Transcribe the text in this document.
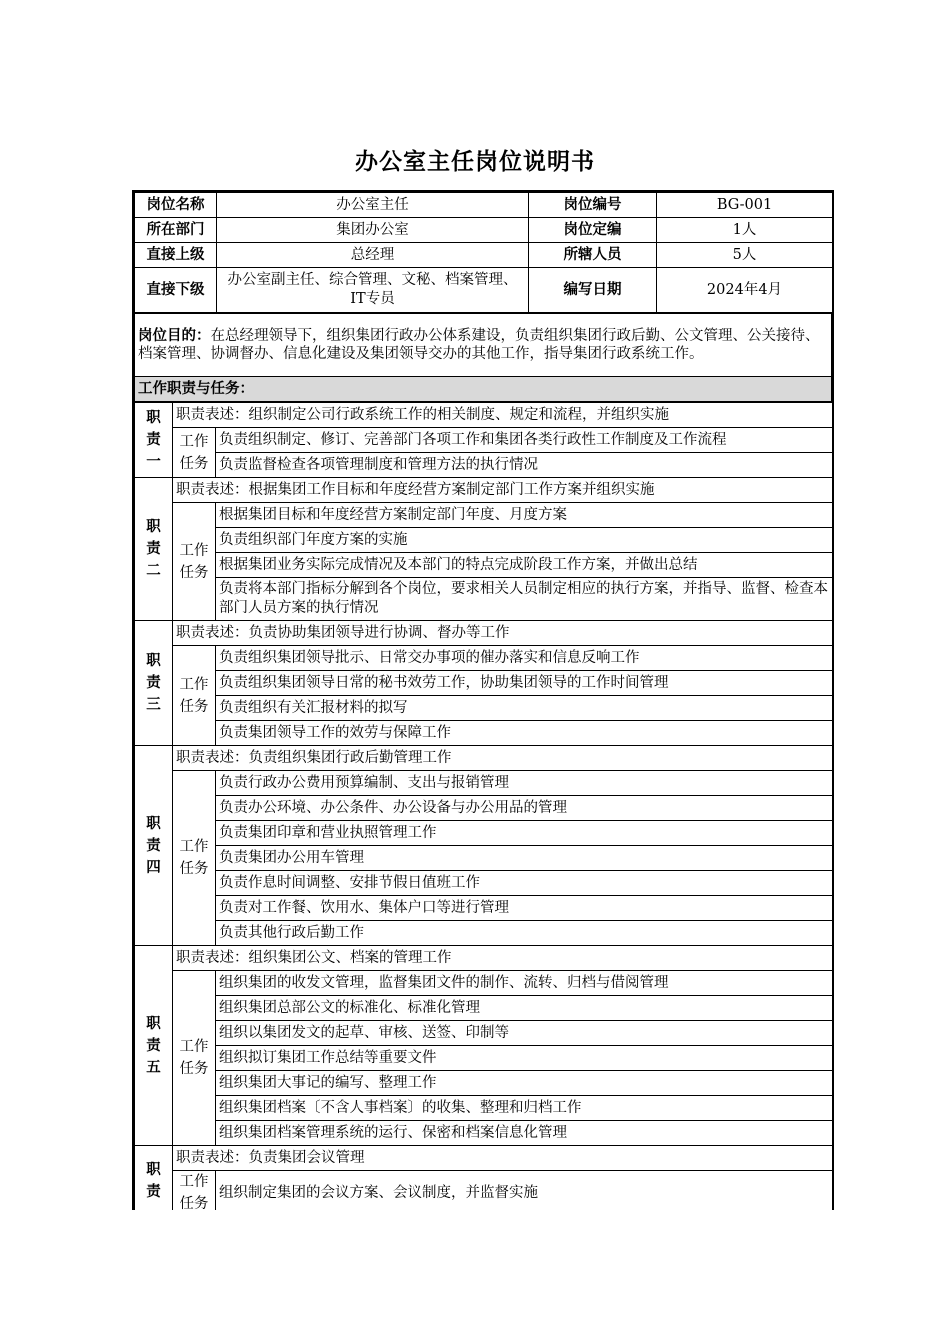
办公室主任岗位说明书
岗位名称	办公室主任	岗位编号	BG-001
所在部门	集团办公室	岗位定编	1人
直接上级	总经理	所辖人员	5人
直接下级	办公室副主任、综合管理、文秘、档案管理、IT专员	编写日期	2024年4月
岗位目的：在总经理领导下，组织集团行政办公体系建设，负责组织集团行政后勤、公文管理、公关接待、档案管理、协调督办、信息化建设及集团领导交办的其他工作，指导集团行政系统工作。
工作职责与任务：
职责一	职责表述：组织制定公司行政系统工作的相关制度、规定和流程，并组织实施	

	工作任务	负责组织制定、修订、完善部门各项工作和集团各类行政性工作制度及工作流程
		负责监督检查各项管理制度和管理方法的执行情况

职责二	职责表述：根据集团工作目标和年度经营方案制定部门工作方案并组织实施	

	工作任务	根据集团目标和年度经营方案制定部门年度、月度方案
		负责组织部门年度方案的实施
		根据集团业务实际完成情况及本部门的特点完成阶段工作方案，并做出总结
		负责将本部门指标分解到各个岗位，要求相关人员制定相应的执行方案，并指导、监督、检查本部门人员方案的执行情况

职责三	职责表述：负责协助集团领导进行协调、督办等工作	

	工作任务	负责组织集团领导批示、日常交办事项的催办落实和信息反响工作
		负责组织集团领导日常的秘书效劳工作，协助集团领导的工作时间管理
		负责组织有关汇报材料的拟写
		负责集团领导工作的效劳与保障工作

职责四	职责表述：负责组织集团行政后勤管理工作	

	工作任务	负责行政办公费用预算编制、支出与报销管理
		负责办公环境、办公条件、办公设备与办公用品的管理
		负责集团印章和营业执照管理工作
		负责集团办公用车管理
		负责作息时间调整、安排节假日值班工作
		负责对工作餐、饮用水、集体户口等进行管理
		负责其他行政后勤工作

职责五	职责表述：组织集团公文、档案的管理工作	

	工作任务	组织集团的收发文管理，监督集团文件的制作、流转、归档与借阅管理
		组织集团总部公文的标准化、标准化管理
		组织以集团发文的起草、审核、送签、印制等
		组织拟订集团工作总结等重要文件
		组织集团大事记的编写、整理工作
		组织集团档案〔不含人事档案〕的收集、整理和归档工作
		组织集团档案管理系统的运行、保密和档案信息化管理

职责	职责表述：负责集团会议管理	

	工作任务	组织制定集团的会议方案、会议制度，并监督实施
